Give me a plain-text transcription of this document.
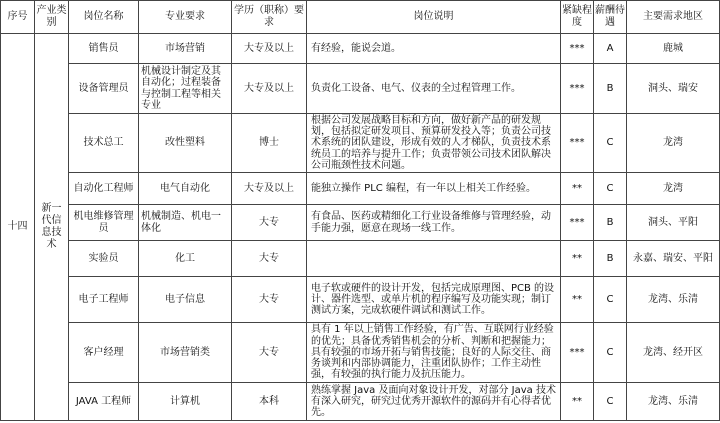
序号	产业类别	岗位名称	专业要求	学历（职称）要求	岗位说明	紧缺程度	薪酬待遇	主要需求地区
十四	新一代信息技术	销售员	市场营销	大专及以上	有经验，能说会道。	***	A	鹿城
		设备管理员	机械设计制定及其自动化；过程装备与控制工程等相关专业	大专及以上	负责化工设备、电气、仪表的全过程管理工作。	***	B	洞头、瑞安
		技术总工	改性塑料	博士	根据公司发展战略目标和方向，做好新产品的研发规划，包括拟定研发项目、预算研发投入等；负责公司技术系统的团队建设，形成有效的人才梯队，负责技术系统员工的培养与提升工作；负责带领公司技术团队解决公司瓶颈性技术问题。	***	C	龙湾
		自动化工程师	电气自动化	大专及以上	能独立操作 PLC 编程，有一年以上相关工作经验。	**	C	龙湾
		机电维修管理员	机械制造、机电一体化	大专	有食品、医药或精细化工行业设备维修与管理经验，动手能力强，愿意在现场一线工作。	***	B	洞头、平阳
		实验员	化工	大专		**	B	永嘉、瑞安、平阳
		电子工程师	电子信息	大专	电子软或硬件的设计开发，包括完成原理图、PCB 的设计、器件选型、或单片机的程序编写及功能实现；制订测试方案，完成软硬件调试和测试工作。	**	C	龙湾、乐清
		客户经理	市场营销类	大专	具有 1 年以上销售工作经验，有广告、互联网行业经验的优先；具备优秀销售机会的分析、判断和把握能力；具有较强的市场开拓与销售技能；良好的人际交往、商务谈判和内部协调能力，注重团队协作；工作主动性强，有较强的执行能力及抗压能力。	***	C	龙湾、经开区
		JAVA 工程师	计算机	本科	熟练掌握 Java 及面向对象设计开发，对部分 Java 技术有深入研究，研究过优秀开源软件的源码并有心得者优先。	**	C	龙湾、乐清
